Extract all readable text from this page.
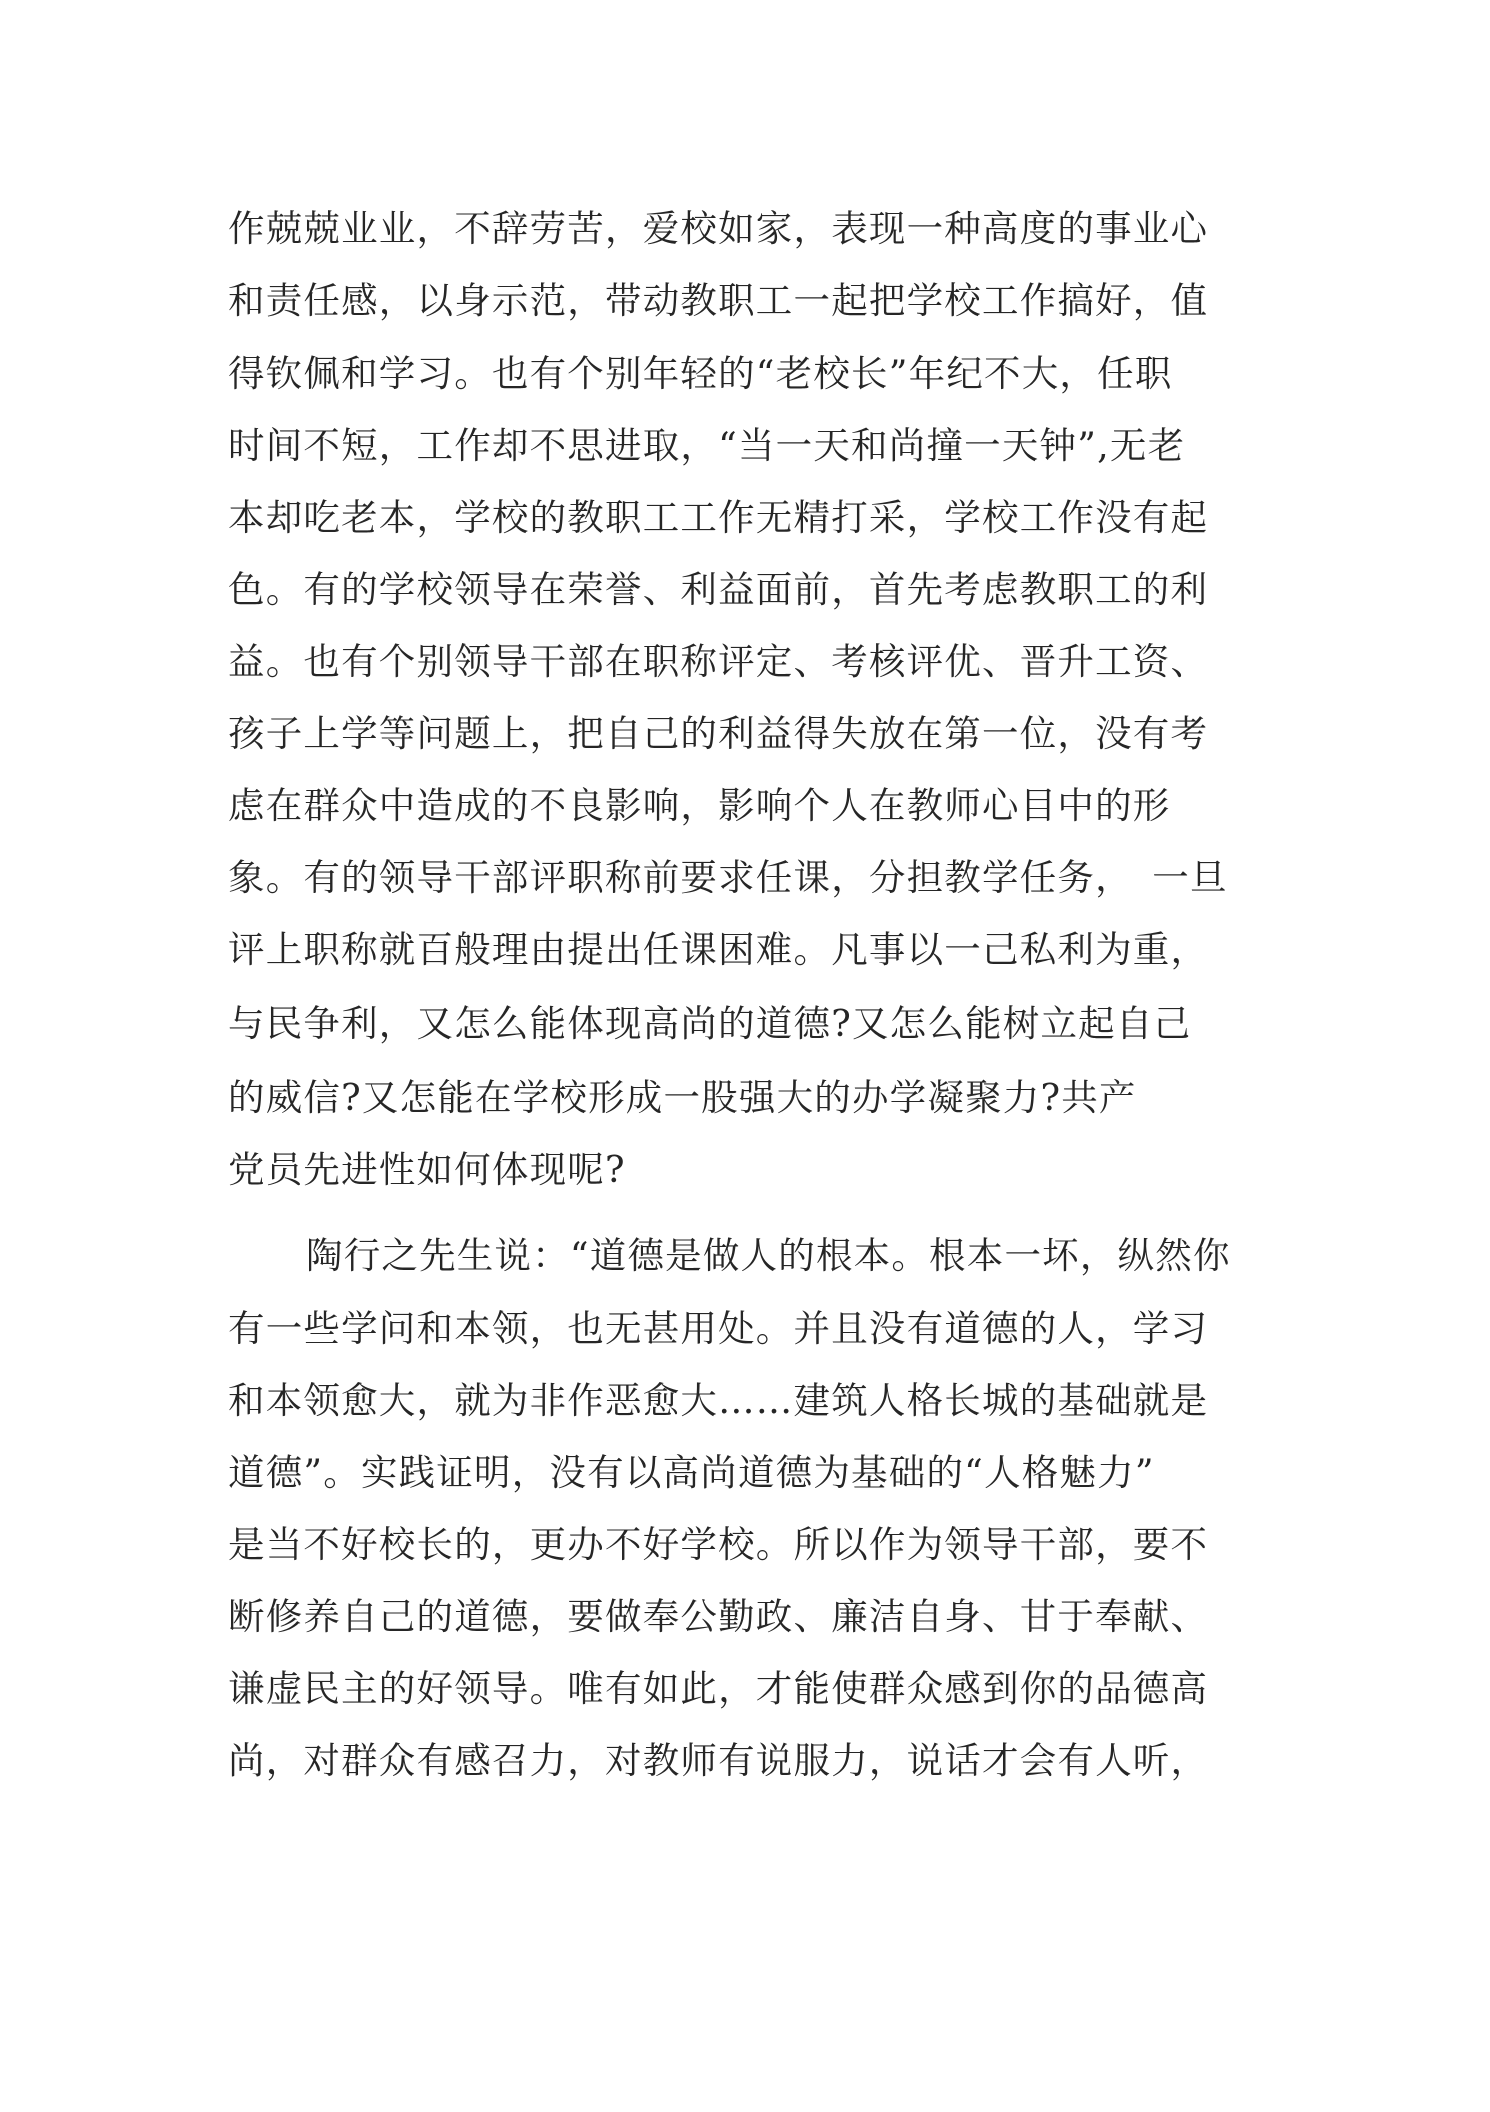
作兢兢业业，不辞劳苦，爱校如家，表现一种高度的事业心
和责任感，以身示范，带动教职工一起把学校工作搞好，值
得钦佩和学习。也有个别年轻的“老校长”年纪不大，任职
时间不短，工作却不思进取，“当一天和尚撞一天钟”,无老
本却吃老本，学校的教职工工作无精打采，学校工作没有起
色。有的学校领导在荣誉、利益面前，首先考虑教职工的利
益。也有个别领导干部在职称评定、考核评优、晋升工资、
孩子上学等问题上，把自己的利益得失放在第一位，没有考
虑在群众中造成的不良影响，影响个人在教师心目中的形
象。有的领导干部评职称前要求任课，分担教学任务，　一旦
评上职称就百般理由提出任课困难。凡事以一己私利为重，
与民争利，又怎么能体现高尚的道德?又怎么能树立起自己
的威信?又怎能在学校形成一股强大的办学凝聚力?共产
党员先进性如何体现呢?
陶行之先生说：“道德是做人的根本。根本一坏，纵然你
有一些学问和本领，也无甚用处。并且没有道德的人，学习
和本领愈大，就为非作恶愈大……建筑人格长城的基础就是
道德”。实践证明，没有以高尚道德为基础的“人格魅力”
是当不好校长的，更办不好学校。所以作为领导干部，要不
断修养自己的道德，要做奉公勤政、廉洁自身、甘于奉献、
谦虚民主的好领导。唯有如此，才能使群众感到你的品德高
尚，对群众有感召力，对教师有说服力，说话才会有人听，
